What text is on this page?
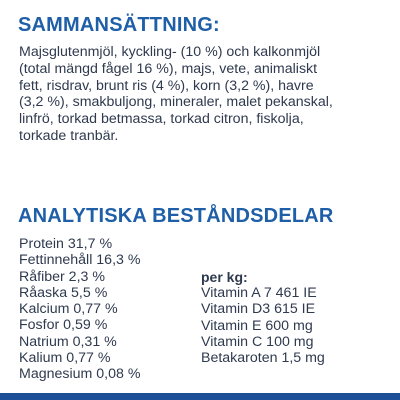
SAMMANSÄTTNING:

Majsglutenmjöl, kyckling- (10 %) och kalkonmjöl
(total mängd fågel 16 %), majs, vete, animaliskt
fett, risdrav, brunt ris (4 %), korn (3,2 %), havre
(3,2 %), smakbuljong, mineraler, malet pekanskal,
linfrö, torkad betmassa, torkad citron, fiskolja,
torkade tranbär.

ANALYTISKA BESTÅNDSDELAR
Protein 31,7 %
Fettinnehåll 16,3 %
Råfiber 2,3 %
Råaska 5,5 %
Kalcium 0,77 %
Fosfor 0,59 %
Natrium 0,31 %
Kalium 0,77 %
Magnesium 0,08 %
per kg:
Vitamin A 7 461 IE
Vitamin D3 615 IE
Vitamin E 600 mg
Vitamin C 100 mg
Betakaroten 1,5 mg
